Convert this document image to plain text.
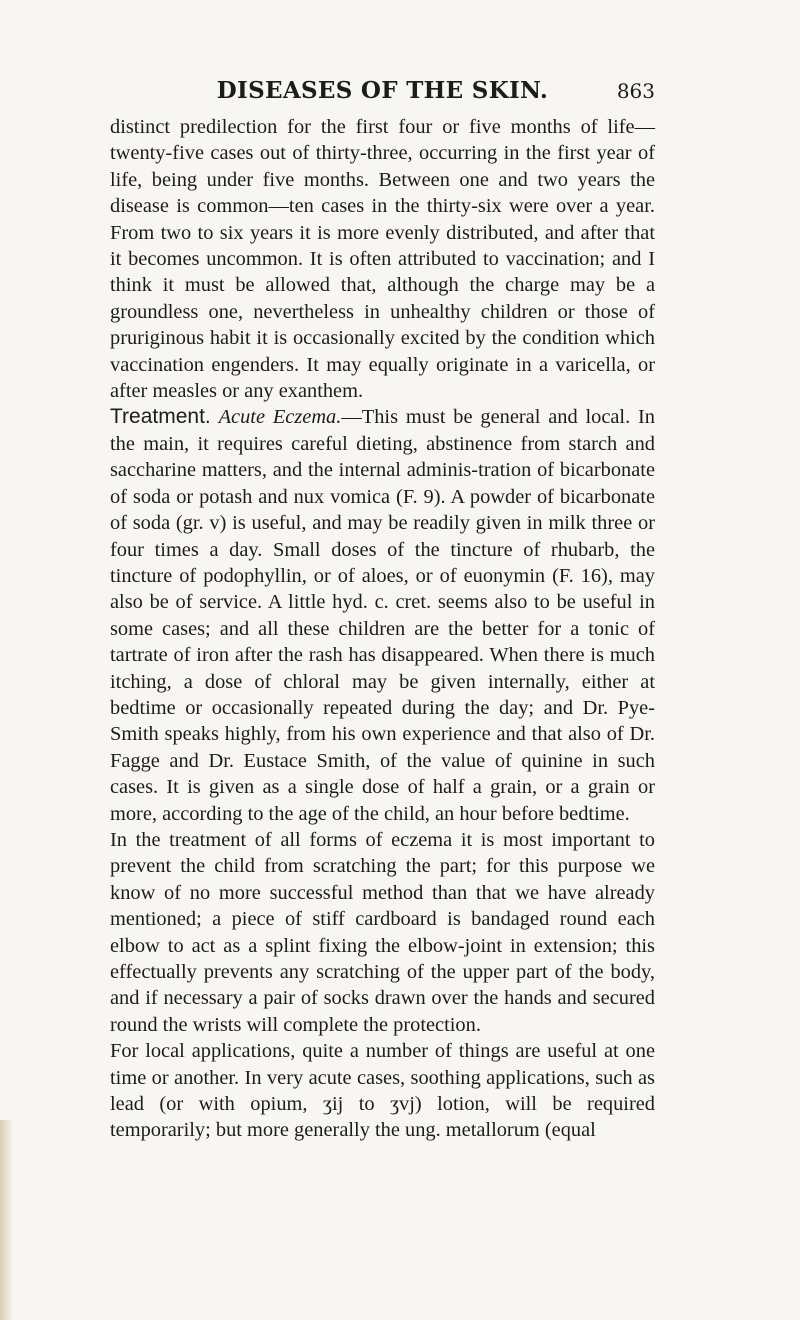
DISEASES OF THE SKIN.	863

distinct predilection for the first four or five months of life— twenty-five cases out of thirty-three, occurring in the first year of life, being under five months. Between one and two years the disease is common—ten cases in the thirty-six were over a year. From two to six years it is more evenly distributed, and after that it becomes uncommon. It is often attributed to vaccination; and I think it must be allowed that, although the charge may be a groundless one, nevertheless in unhealthy children or those of pruriginous habit it is occasionally excited by the condition which vaccination engenders. It may equally originate in a varicella, or after measles or any exanthem.

Treatment. Acute Eczema.—This must be general and local. In the main, it requires careful dieting, abstinence from starch and saccharine matters, and the internal adminis-tration of bicarbonate of soda or potash and nux vomica (F. 9). A powder of bicarbonate of soda (gr. v) is useful, and may be readily given in milk three or four times a day. Small doses of the tincture of rhubarb, the tincture of podophyllin, or of aloes, or of euonymin (F. 16), may also be of service. A little hyd. c. cret. seems also to be useful in some cases; and all these children are the better for a tonic of tartrate of iron after the rash has disappeared. When there is much itching, a dose of chloral may be given internally, either at bedtime or occasionally repeated during the day; and Dr. Pye-Smith speaks highly, from his own experience and that also of Dr. Fagge and Dr. Eustace Smith, of the value of quinine in such cases. It is given as a single dose of half a grain, or a grain or more, according to the age of the child, an hour before bedtime.

In the treatment of all forms of eczema it is most important to prevent the child from scratching the part; for this purpose we know of no more successful method than that we have already mentioned; a piece of stiff cardboard is bandaged round each elbow to act as a splint fixing the elbow-joint in extension; this effectually prevents any scratching of the upper part of the body, and if necessary a pair of socks drawn over the hands and secured round the wrists will complete the protection.

For local applications, quite a number of things are useful at one time or another. In very acute cases, soothing applications, such as lead (or with opium, ʒij to ʒvj) lotion, will be required temporarily; but more generally the ung. metallorum (equal
